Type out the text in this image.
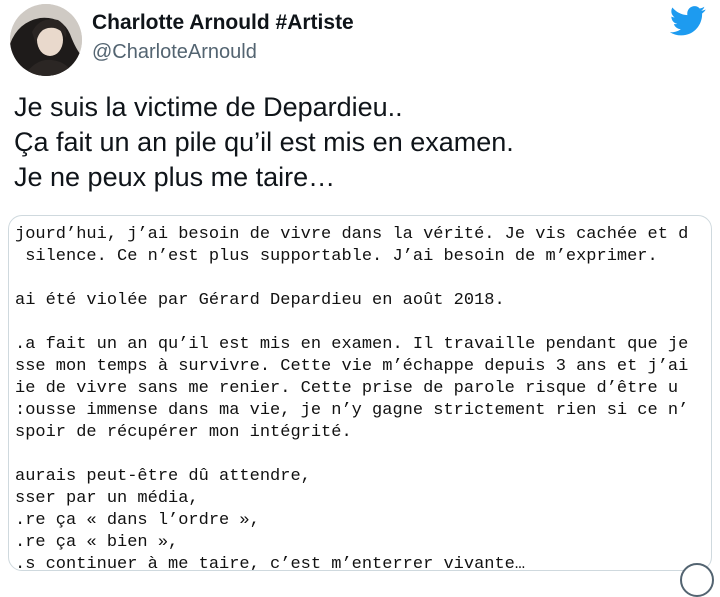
Charlotte Arnould #Artiste
@CharloteArnould
Je suis la victime de Depardieu..
Ça fait un an pile qu’il est mis en examen.
Je ne peux plus me taire…
jourd’hui, j’ai besoin de vivre dans la vérité. Je vis cachée et d
silence. Ce n’est plus supportable. J’ai besoin de m’exprimer.
ai été violée par Gérard Depardieu en août 2018.
.a fait un an qu’il est mis en examen. Il travaille pendant que je
sse mon temps à survivre. Cette vie m’échappe depuis 3 ans et j’ai
ie de vivre sans me renier. Cette prise de parole risque d’être u
:ousse immense dans ma vie, je n’y gagne strictement rien si ce n’
spoir de récupérer mon intégrité.
aurais peut-être dû attendre,
sser par un média,
.re ça « dans l’ordre »,
.re ça « bien »,
.s continuer à me taire, c’est m’enterrer vivante…
